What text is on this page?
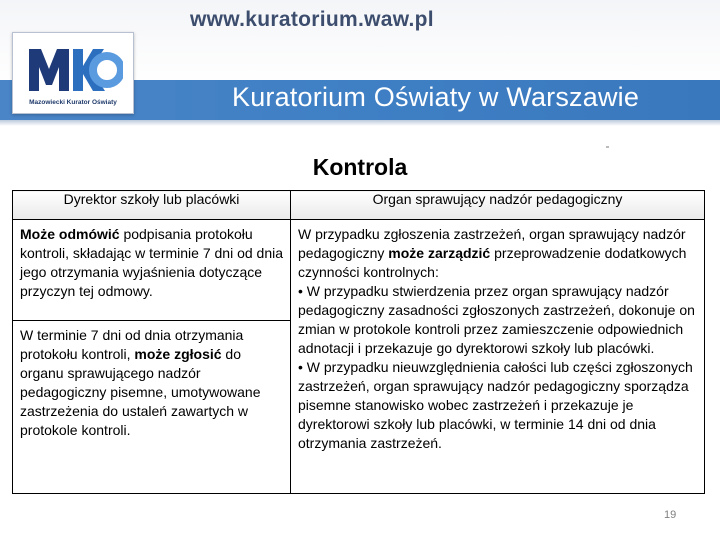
www.kuratorium.waw.pl
Kuratorium Oświaty w Warszawie
Mazowiecki Kurator Oświaty
Kontrola
Dyrektor szkoły lub placówki	Organ sprawujący nadzór pedagogiczny

Może odmówić podpisania protokołu kontroli, składając w terminie 7 dni od dnia jego otrzymania wyjaśnienia dotyczące przyczyn tej odmowy.	W przypadku zgłoszenia zastrzeżeń, organ sprawujący nadzór pedagogiczny może zarządzić przeprowadzenie dodatkowych czynności kontrolnych:

• W przypadku stwierdzenia przez organ sprawujący nadzór pedagogiczny zasadności zgłoszonych zastrzeżeń, dokonuje on zmian w protokole kontroli przez zamieszczenie odpowiednich adnotacji i przekazuje go dyrektorowi szkoły lub placówki.

• W przypadku nieuwzględnienia całości lub części zgłoszonych zastrzeżeń, organ sprawujący nadzór pedagogiczny sporządza pisemne stanowisko wobec zastrzeżeń i przekazuje je dyrektorowi szkoły lub placówki, w terminie 14 dni od dnia otrzymania zastrzeżeń.

W terminie 7 dni od dnia otrzymania protokołu kontroli, może zgłosić do organu sprawującego nadzór pedagogiczny pisemne, umotywowane zastrzeżenia do ustaleń zawartych w protokole kontroli.	
19
